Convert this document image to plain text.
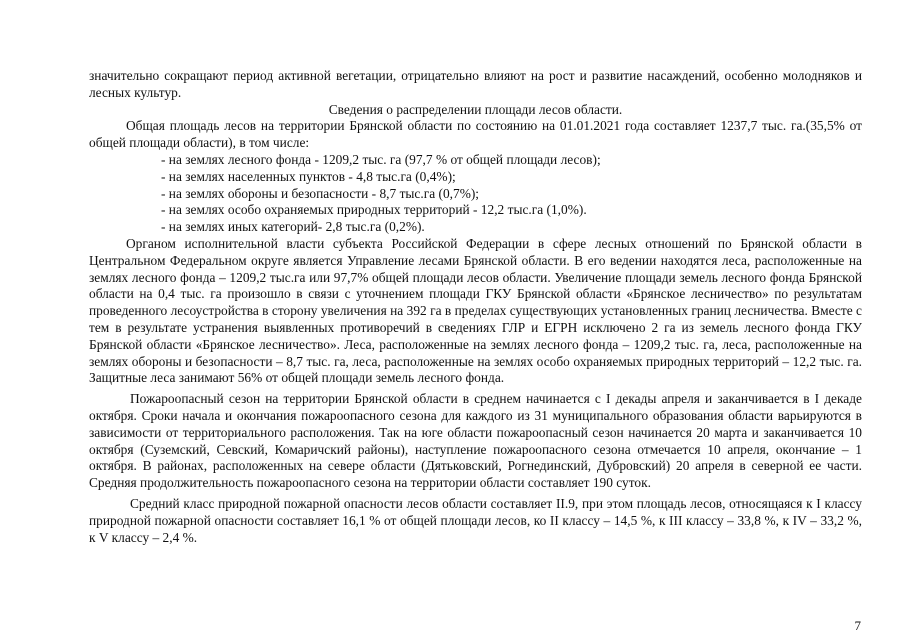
значительно сокращают период активной вегетации, отрицательно влияют на рост и развитие насаждений, особенно молодняков и лесных культур.

Сведения о распределении площади лесов области.

Общая площадь лесов на территории Брянской области по состоянию на 01.01.2021 года составляет 1237,7 тыс. га.(35,5% от общей площади области), в том числе:

- на землях лесного фонда - 1209,2 тыс. га (97,7 % от общей площади лесов);
- на землях населенных пунктов - 4,8 тыс.га (0,4%);
- на землях обороны и безопасности - 8,7 тыс.га (0,7%);
- на землях особо охраняемых природных территорий - 12,2 тыс.га (1,0%).
- на землях иных категорий- 2,8 тыс.га (0,2%).

Органом исполнительной власти субъекта Российской Федерации в сфере лесных отношений по Брянской области в Центральном Федеральном округе является Управление лесами Брянской области. В его ведении находятся леса, расположенные на землях лесного фонда – 1209,2 тыс.га или 97,7% общей площади лесов области. Увеличение площади земель лесного фонда Брянской области на 0,4 тыс. га произошло в связи с уточнением площади ГКУ Брянской области «Брянское лесничество» по результатам проведенного лесоустройства в сторону увеличения на 392 га в пределах существующих установленных границ лесничества. Вместе с тем в результате устранения выявленных противоречий в сведениях ГЛР и ЕГРН исключено 2 га из земель лесного фонда ГКУ Брянской области «Брянское лесничество». Леса, расположенные на землях лесного фонда – 1209,2 тыс. га, леса, расположенные на землях обороны и безопасности – 8,7 тыс. га, леса, расположенные на землях особо охраняемых природных территорий – 12,2 тыс. га. Защитные леса занимают 56% от общей площади земель лесного фонда.

Пожароопасный сезон на территории Брянской области в среднем начинается с I декады апреля и заканчивается в I декаде октября. Сроки начала и окончания пожароопасного сезона для каждого из 31 муниципального образования области варьируются в зависимости от территориального расположения. Так на юге области пожароопасный сезон начинается 20 марта и заканчивается 10 октября (Суземский, Севский, Комаричский районы), наступление пожароопасного сезона отмечается 10 апреля, окончание – 1 октября. В районах, расположенных на севере области (Дятьковский, Рогнединский, Дубровский) 20 апреля в северной ее части. Средняя продолжительность пожароопасного сезона на территории области составляет 190 суток.

Средний класс природной пожарной опасности лесов области составляет II.9, при этом площадь лесов, относящаяся к I классу природной пожарной опасности составляет 16,1 % от общей площади лесов, ко II классу – 14,5 %, к III классу – 33,8 %, к IV – 33,2 %, к V классу – 2,4 %.

7
